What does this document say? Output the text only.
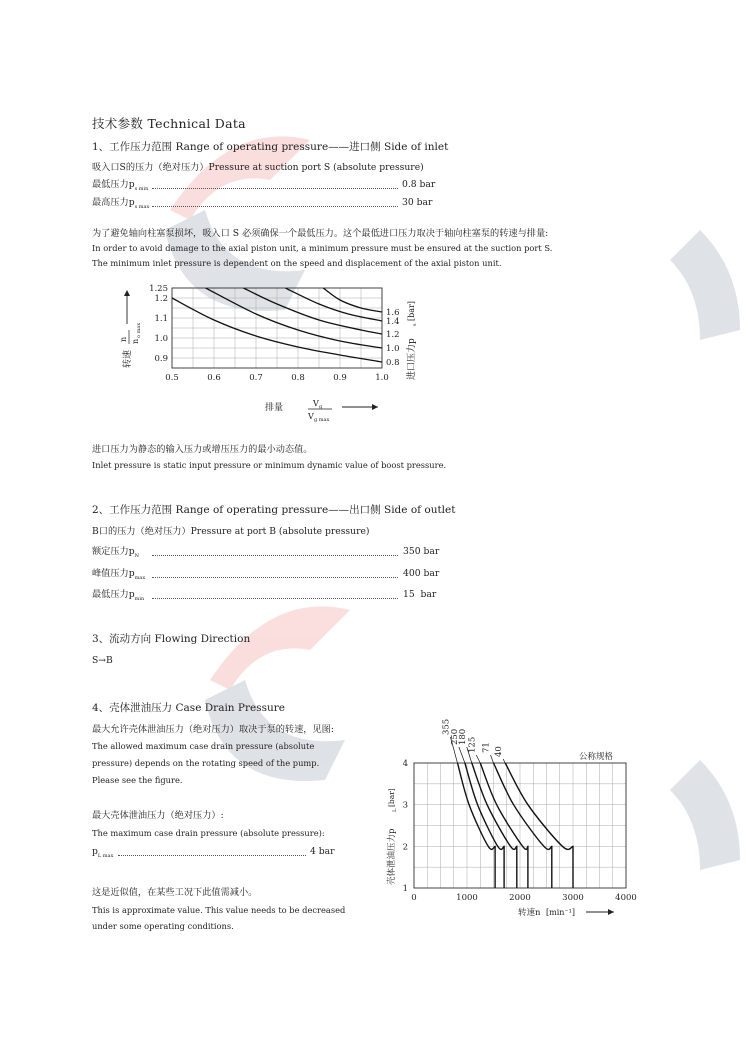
技术参数 Technical Data
1、工作压力范围 Range of operating pressure——进口侧 Side of inlet
吸入口S的压力（绝对压力）Pressure at suction port S (absolute pressure)
最低压力$p_{s min}$	0.8 bar
最高压力$p_{s max}$	30 bar
为了避免轴向柱塞泵损坏，吸入口 S 必须确保一个最低压力。这个最低进口压力取决于轴向柱塞泵的转速与排量:
In order to avoid damage to the axial piston unit, a minimum pressure must be ensured at the suction port S.
The minimum inlet pressure is dependent on the speed and displacement of the axial piston unit.
0.5	0.6	0.7	0.8	0.9	1.0
1.25
1.2
1.1
1.0
0.9
1.6
1.4
1.2
1.0
0.8
排量	V g
V g max
转速
n n
o max
进口压力p
s
[bar]
进口压力为静态的输入压力或增压压力的最小动态值。
Inlet pressure is static input pressure or minimum dynamic value of boost pressure.
2、工作压力范围 Range of operating pressure——出口侧 Side of outlet
B口的压力（绝对压力）Pressure at port B (absolute pressure)
额定压力$p_N$	350 bar
峰值压力$p_{max}$	400 bar
最低压力$p_{min}$	15  bar
3、流动方向 Flowing Direction
S→B
4、壳体泄油压力 Case Drain Pressure
最大允许壳体泄油压力（绝对压力）取决于泵的转速，见图:
The allowed maximum case drain pressure (absolute
pressure) depends on the rotating speed of the pump.
Please see the figure.
最大壳体泄油压力（绝对压力）:
The maximum case drain pressure (absolute pressure):
$p_{L max}$	4 bar
这是近似值，在某些工况下此值需减小。
This is approximate value. This value needs to be decreased
under some operating conditions.
355
250
180 125 71 40
0	1000	2000	3000	4000
1
2
3
4
公称规格
转速n [min⁻¹]
壳体泄油压力p
L
[bar]
